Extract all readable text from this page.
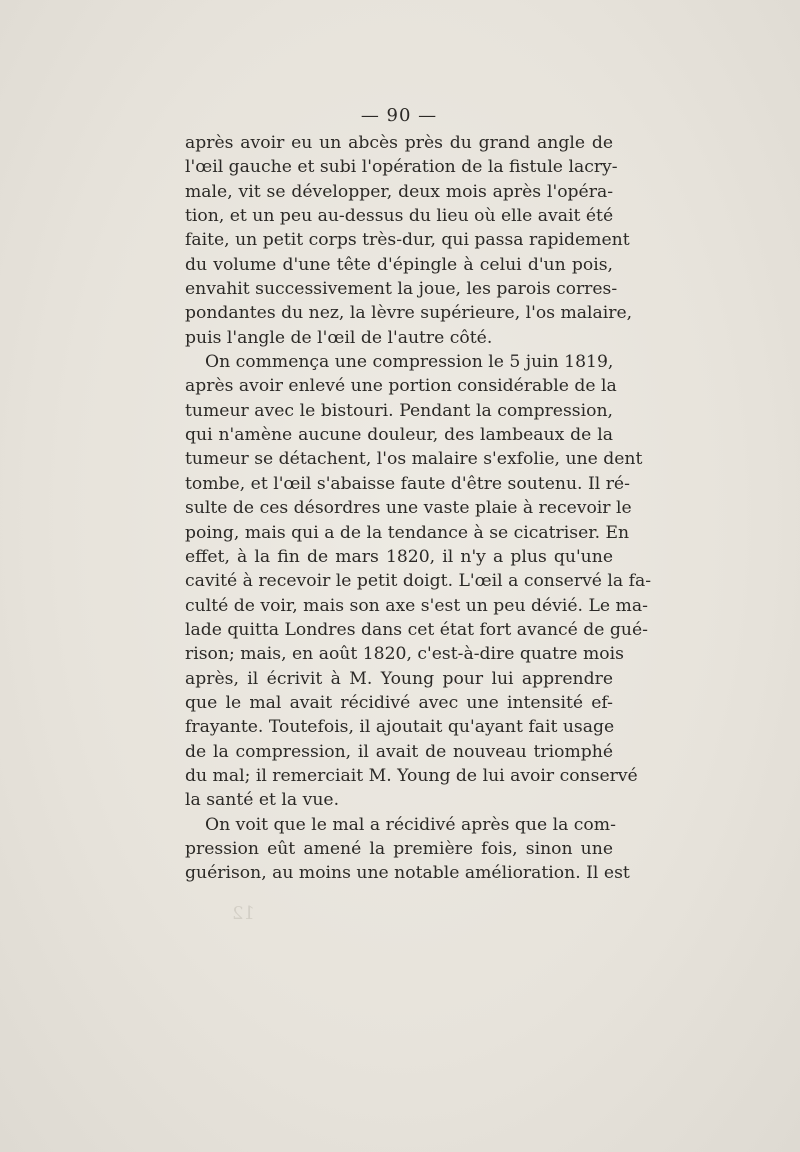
— 90 —
après avoir eu un abcès près du grand angle de
l'œil gauche et subi l'opération de la fistule lacry-
male, vit se développer, deux mois après l'opéra-
tion, et un peu au-dessus du lieu où elle avait été
faite, un petit corps très-dur, qui passa rapidement
du volume d'une tête d'épingle à celui d'un pois,
envahit successivement la joue, les parois corres-
pondantes du nez, la lèvre supérieure, l'os malaire,
puis l'angle de l'œil de l'autre côté.
On commença une compression le 5 juin 1819,
après avoir enlevé une portion considérable de la
tumeur avec le bistouri. Pendant la compression,
qui n'amène aucune douleur, des lambeaux de la
tumeur se détachent, l'os malaire s'exfolie, une dent
tombe, et l'œil s'abaisse faute d'être soutenu. Il ré-
sulte de ces désordres une vaste plaie à recevoir le
poing, mais qui a de la tendance à se cicatriser. En
effet, à la fin de mars 1820, il n'y a plus qu'une
cavité à recevoir le petit doigt. L'œil a conservé la fa-
culté de voir, mais son axe s'est un peu dévié. Le ma-
lade quitta Londres dans cet état fort avancé de gué-
rison; mais, en août 1820, c'est-à-dire quatre mois
après, il écrivit à M. Young pour lui apprendre
que le mal avait récidivé avec une intensité ef-
frayante. Toutefois, il ajoutait qu'ayant fait usage
de la compression, il avait de nouveau triomphé
du mal; il remerciait M. Young de lui avoir conservé
la santé et la vue.
On voit que le mal a récidivé après que la com-
pression eût amené la première fois, sinon une
guérison, au moins une notable amélioration. Il est
12
